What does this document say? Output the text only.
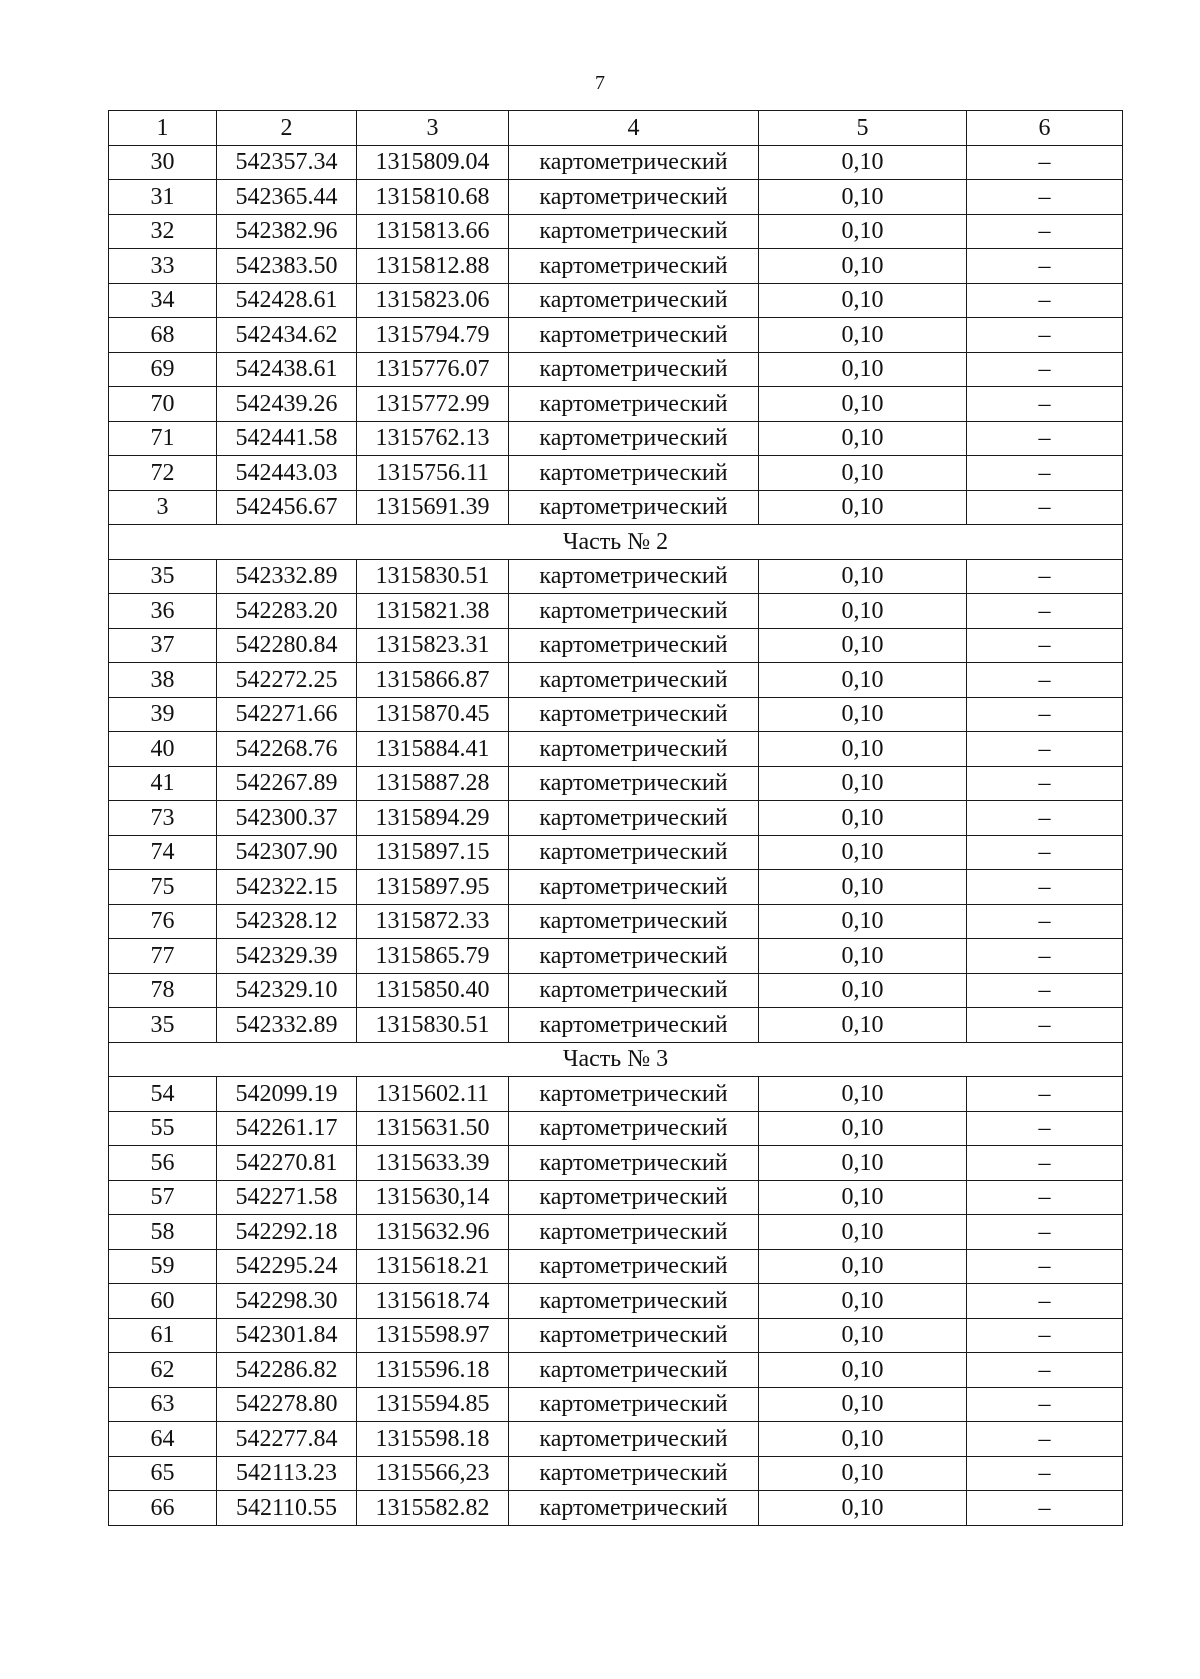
7
1	2	3	4	5	6
30	542357.34	1315809.04	картометрический	0,10	–
31	542365.44	1315810.68	картометрический	0,10	–
32	542382.96	1315813.66	картометрический	0,10	–
33	542383.50	1315812.88	картометрический	0,10	–
34	542428.61	1315823.06	картометрический	0,10	–
68	542434.62	1315794.79	картометрический	0,10	–
69	542438.61	1315776.07	картометрический	0,10	–
70	542439.26	1315772.99	картометрический	0,10	–
71	542441.58	1315762.13	картометрический	0,10	–
72	542443.03	1315756.11	картометрический	0,10	–
3	542456.67	1315691.39	картометрический	0,10	–
Часть № 2					
35	542332.89	1315830.51	картометрический	0,10	–
36	542283.20	1315821.38	картометрический	0,10	–
37	542280.84	1315823.31	картометрический	0,10	–
38	542272.25	1315866.87	картометрический	0,10	–
39	542271.66	1315870.45	картометрический	0,10	–
40	542268.76	1315884.41	картометрический	0,10	–
41	542267.89	1315887.28	картометрический	0,10	–
73	542300.37	1315894.29	картометрический	0,10	–
74	542307.90	1315897.15	картометрический	0,10	–
75	542322.15	1315897.95	картометрический	0,10	–
76	542328.12	1315872.33	картометрический	0,10	–
77	542329.39	1315865.79	картометрический	0,10	–
78	542329.10	1315850.40	картометрический	0,10	–
35	542332.89	1315830.51	картометрический	0,10	–
Часть № 3					
54	542099.19	1315602.11	картометрический	0,10	–
55	542261.17	1315631.50	картометрический	0,10	–
56	542270.81	1315633.39	картометрический	0,10	–
57	542271.58	1315630,14	картометрический	0,10	–
58	542292.18	1315632.96	картометрический	0,10	–
59	542295.24	1315618.21	картометрический	0,10	–
60	542298.30	1315618.74	картометрический	0,10	–
61	542301.84	1315598.97	картометрический	0,10	–
62	542286.82	1315596.18	картометрический	0,10	–
63	542278.80	1315594.85	картометрический	0,10	–
64	542277.84	1315598.18	картометрический	0,10	–
65	542113.23	1315566,23	картометрический	0,10	–
66	542110.55	1315582.82	картометрический	0,10	–
